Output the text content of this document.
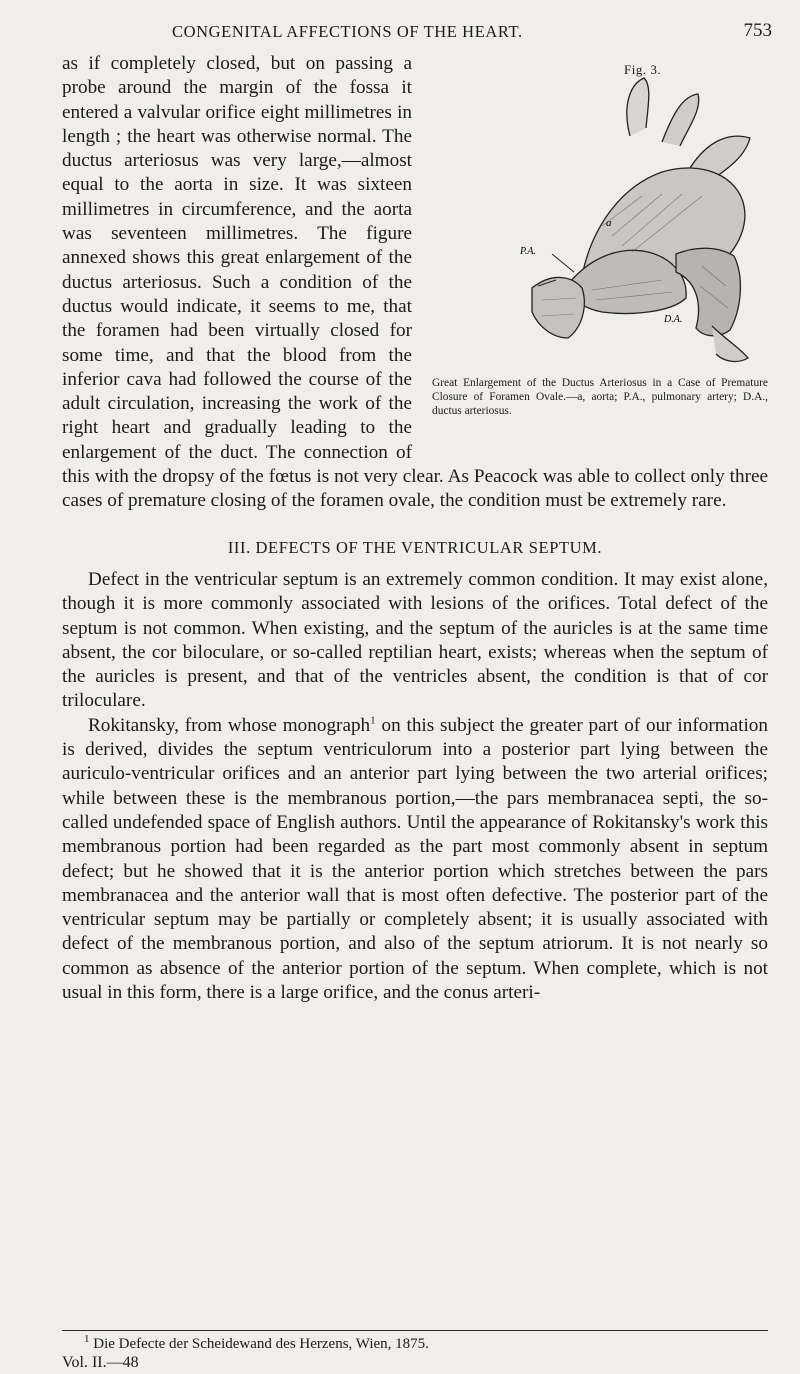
CONGENITAL AFFECTIONS OF THE HEART.	753
Fig. 3.
a
P.A.
D.A.
Great Enlargement of the Ductus Arteriosus in a Case of Premature Closure of Foramen Ovale.—a, aorta; P.A., pulmonary artery; D.A., ductus arteriosus.

as if completely closed, but on passing a probe around the margin of the fossa it entered a valvular orifice eight millimetres in length ; the heart was otherwise normal. The ductus arteriosus was very large,—almost equal to the aorta in size. It was sixteen millimetres in circumference, and the aorta was seventeen millimetres. The figure annexed shows this great enlargement of the ductus arteriosus. Such a condition of the ductus would indicate, it seems to me, that the foramen had been virtually closed for some time, and that the blood from the inferior cava had followed the course of the adult circulation, increasing the work of the right heart and gradually leading to the enlargement of the duct. The connection of this with the dropsy of the fœtus is not very clear. As Peacock was able to collect only three cases of premature closing of the foramen ovale, the condition must be extremely rare.

III. DEFECTS OF THE VENTRICULAR SEPTUM.

Defect in the ventricular septum is an extremely common condition. It may exist alone, though it is more commonly associated with lesions of the orifices. Total defect of the septum is not common. When existing, and the septum of the auricles is at the same time absent, the cor biloculare, or so-called reptilian heart, exists; whereas when the septum of the auricles is present, and that of the ventricles absent, the condition is that of cor triloculare.

Rokitansky, from whose monograph$^1$ on this subject the greater part of our information is derived, divides the septum ventriculorum into a posterior part lying between the auriculo-ventricular orifices and an anterior part lying between the two arterial orifices; while between these is the membranous portion,—the pars membranacea septi, the so-called undefended space of English authors. Until the appearance of Rokitansky's work this membranous portion had been regarded as the part most commonly absent in septum defect; but he showed that it is the anterior portion which stretches between the pars membranacea and the anterior wall that is most often defective. The posterior part of the ventricular septum may be partially or completely absent; it is usually associated with defect of the membranous portion, and also of the septum atriorum. It is not nearly so common as absence of the anterior portion of the septum. When complete, which is not usual in this form, there is a large orifice, and the conus arteri-

$^1$ Die Defecte der Scheidewand des Herzens, Wien, 1875.
Vol. II.—48
